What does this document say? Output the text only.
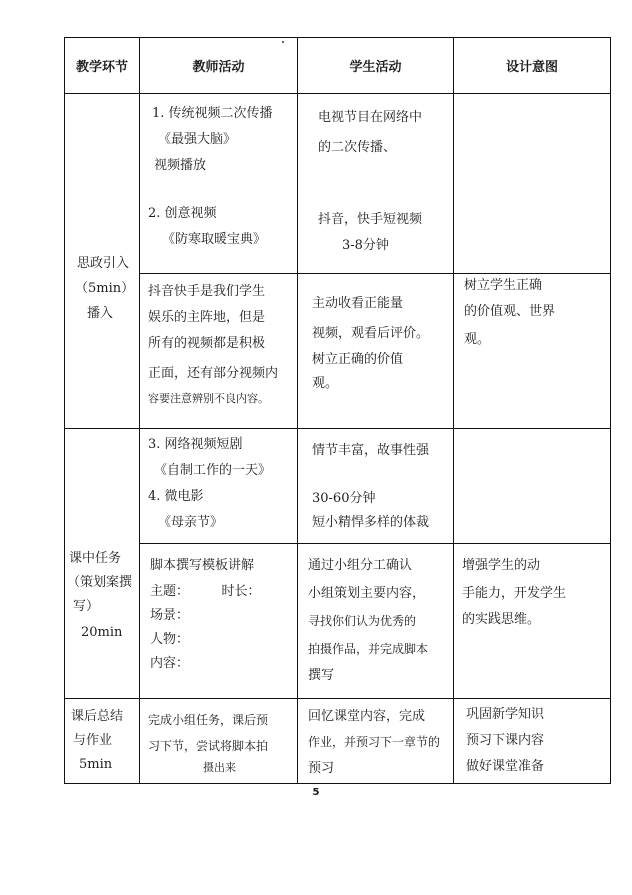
教学环节	教师活动	学生活动	设计意图

思政引入
（5min）
播入	1. 传统视频二次传播
《最强大脑》
视频播放
2. 创意视频
《防寒取暖宝典》	电视节目在网络中
的二次传播、
抖音，快手短视频
3-8分钟	

	抖音快手是我们学生
娱乐的主阵地，但是
所有的视频都是积极
正面，还有部分视频内
容要注意辨别不良内容。	主动收看正能量
视频，观看后评价。
树立正确的价值
观。	树立学生正确
的价值观、世界
观。

课中任务
（策划案撰
写）
20min	3. 网络视频短剧
《自制工作的一天》
4. 微电影
《母亲节》	情节丰富，故事性强
30-60分钟
短小精悍多样的体裁	

	脚本撰写模板讲解
主题：　　　时长：
场景：
人物：
内容：	通过小组分工确认
小组策划主要内容，
寻找你们认为优秀的
拍摄作品，并完成脚本
撰写	增强学生的动
手能力，开发学生
的实践思维。

课后总结
与作业
5min	完成小组任务，课后预
习下节，尝试将脚本拍
　　　　　摄出来	回忆课堂内容，完成
作业，并预习下一章节的
预习	巩固新学知识
预习下课内容
做好课堂准备
5
